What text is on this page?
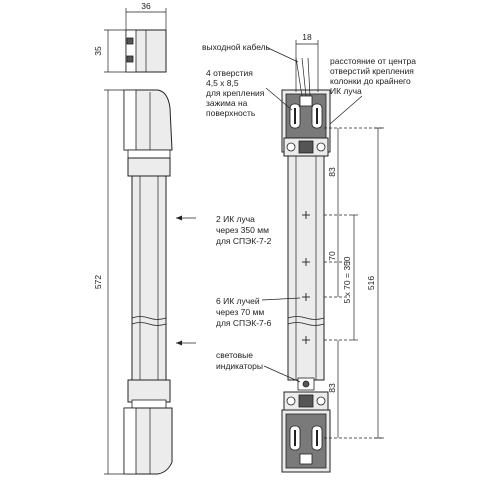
36
35
572
18
83
70
83
5 х 70 = 350 516
выходной кабель
4 отверстия
4,5 х 8,5
для крепления
зажима на
поверхность
расстояние от центра
отверстий крепления
колонки до крайнего
ИК луча
2 ИК луча
через 350 мм
для СПЭК-7-2
6 ИК лучей
через 70 мм
для СПЭК-7-6
световые
индикаторы
